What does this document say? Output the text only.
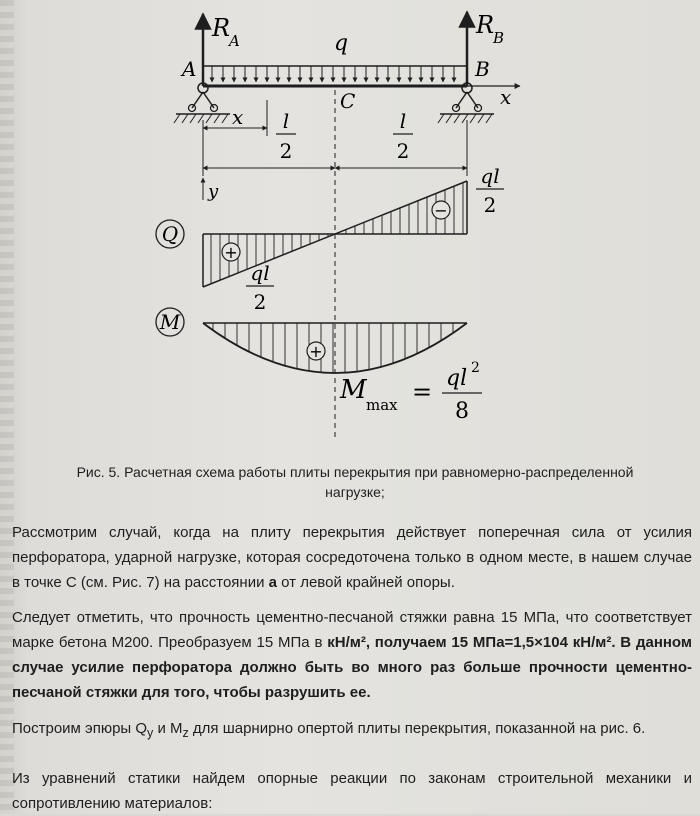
R
A
R
B
q
x
A	B
C
x l
2
l
2
y
Q
+
−
ql
2
ql
2
M
+
M max = ql 2
8
Рис. 5. Расчетная схема работы плиты перекрытия при равномерно-распределенной
нагрузке;
Рассмотрим случай, когда на плиту перекрытия действует поперечная сила от усилия перфоратора, ударной нагрузке, которая сосредоточена только в одном месте, в нашем случае в точке С (см. Рис. 7) на расстоянии а от левой крайней опоры.
Следует отметить, что прочность цементно-песчаной стяжки равна 15 МПа, что соответствует марке бетона М200. Преобразуем 15 МПа в кН/м², получаем 15 МПа=1,5×104 кН/м². В данном случае усилие перфоратора должно быть во много раз больше прочности цементно-песчаной стяжки для того, чтобы разрушить ее.
Построим эпюры $Q_y$ и $M_z$ для шарнирно опертой плиты перекрытия, показанной на рис. 6.
Из уравнений статики найдем опорные реакции по законам строительной механики и сопротивлению материалов:
